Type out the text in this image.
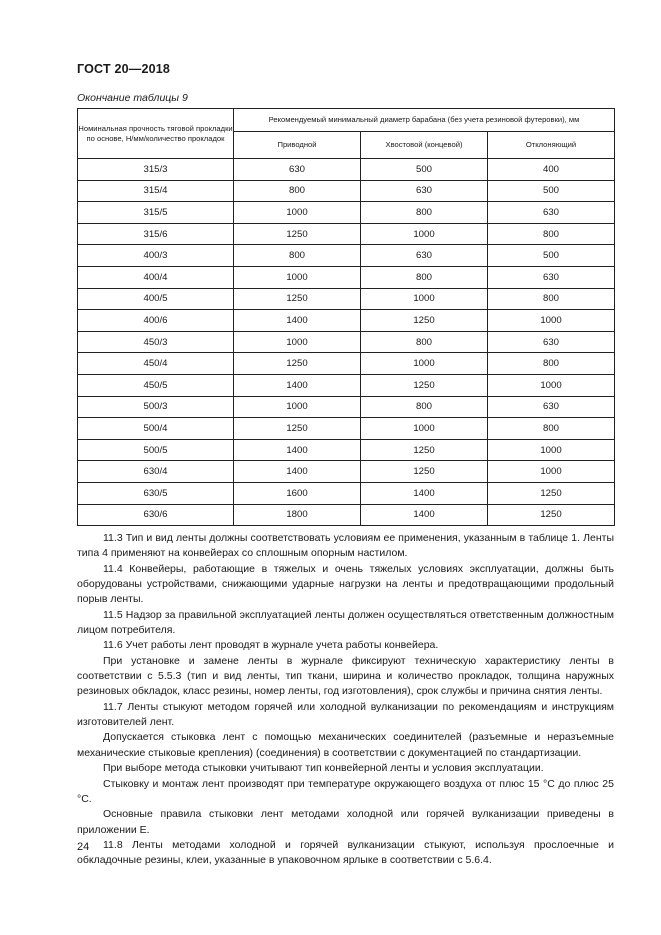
ГОСТ 20—2018
Окончание таблицы 9
Номинальная прочность тяговой прокладки по основе, Н/мм/количество прокладок	Рекомендуемый минимальный диаметр барабана (без учета резиновой футеровки), мм		
	Приводной	Хвостовой (концевой)	Отклоняющий
315/3	630	500	400
315/4	800	630	500
315/5	1000	800	630
315/6	1250	1000	800
400/3	800	630	500
400/4	1000	800	630
400/5	1250	1000	800
400/6	1400	1250	1000
450/3	1000	800	630
450/4	1250	1000	800
450/5	1400	1250	1000
500/3	1000	800	630
500/4	1250	1000	800
500/5	1400	1250	1000
630/4	1400	1250	1000
630/5	1600	1400	1250
630/6	1800	1400	1250

11.3 Тип и вид ленты должны соответствовать условиям ее применения, указанным в таблице 1. Ленты типа 4 применяют на конвейерах со сплошным опорным настилом.

11.4 Конвейеры, работающие в тяжелых и очень тяжелых условиях эксплуатации, должны быть оборудованы устройствами, снижающими ударные нагрузки на ленты и предотвращающими продольный порыв ленты.

11.5 Надзор за правильной эксплуатацией ленты должен осуществляться ответственным должностным лицом потребителя.

11.6 Учет работы лент проводят в журнале учета работы конвейера.

При установке и замене ленты в журнале фиксируют техническую характеристику ленты в соответствии с 5.5.3 (тип и вид ленты, тип ткани, ширина и количество прокладок, толщина наружных резиновых обкладок, класс резины, номер ленты, год изготовления), срок службы и причина снятия ленты.

11.7 Ленты стыкуют методом горячей или холодной вулканизации по рекомендациям и инструкциям изготовителей лент.

Допускается стыковка лент с помощью механических соединителей (разъемные и неразъемные механические стыковые крепления) (соединения) в соответствии с документацией по стандартизации.

При выборе метода стыковки учитывают тип конвейерной ленты и условия эксплуатации.

Стыковку и монтаж лент производят при температуре окружающего воздуха от плюс 15 °С до плюс 25 °С.

Основные правила стыковки лент методами холодной или горячей вулканизации приведены в приложении Е.

11.8 Ленты методами холодной и горячей вулканизации стыкуют, используя прослоечные и обкладочные резины, клеи, указанные в упаковочном ярлыке в соответствии с 5.6.4.

24
